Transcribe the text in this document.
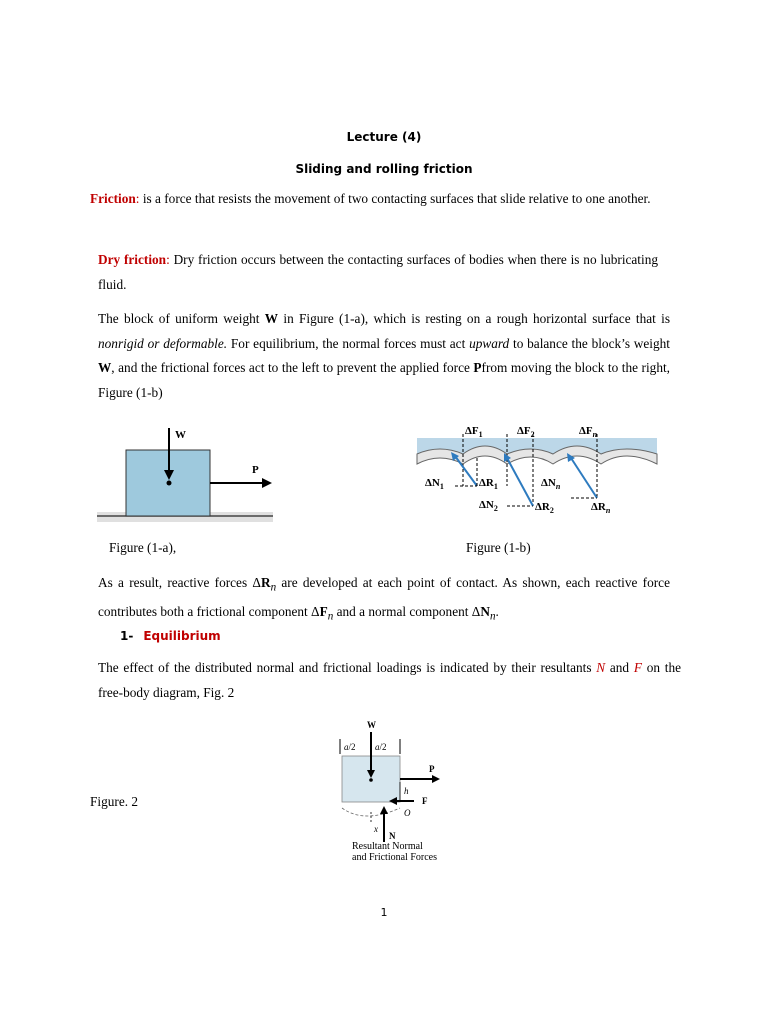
Lecture (4)
Sliding and rolling friction
Friction: is a force that resists the movement of two contacting surfaces that slide relative to one another.
Dry friction: Dry friction occurs between the contacting surfaces of bodies when there is no lubricating fluid.
The block of uniform weight W in Figure (1-a), which is resting on a rough horizontal surface that is nonrigid or deformable. For equilibrium, the normal forces must act upward to balance the block’s weight W, and the frictional forces act to the left to prevent the applied force Pfrom moving the block to the right, Figure (1-b)
W
P
$\Delta F_1$	$\Delta F_2$	$\Delta F_n$
$\Delta N_1$	$\Delta R_1$	$\Delta N_n$
$\Delta N_2$	$\Delta R_2$	$\Delta R_n$
Figure (1-a),	Figure (1-b)
As a result, reactive forces $\Delta R_n$ are developed at each point of contact. As shown, each reactive force contributes both a frictional component $\Delta F_n$ and a normal component $\Delta N_n$.
1- Equilibrium
The effect of the distributed normal and frictional loadings is indicated by their resultants N and F on the free-body diagram, Fig. 2
Figure. 2
W
a/2 a/2
P
h
F
O
x
N
Resultant Normal
and Frictional Forces
1
